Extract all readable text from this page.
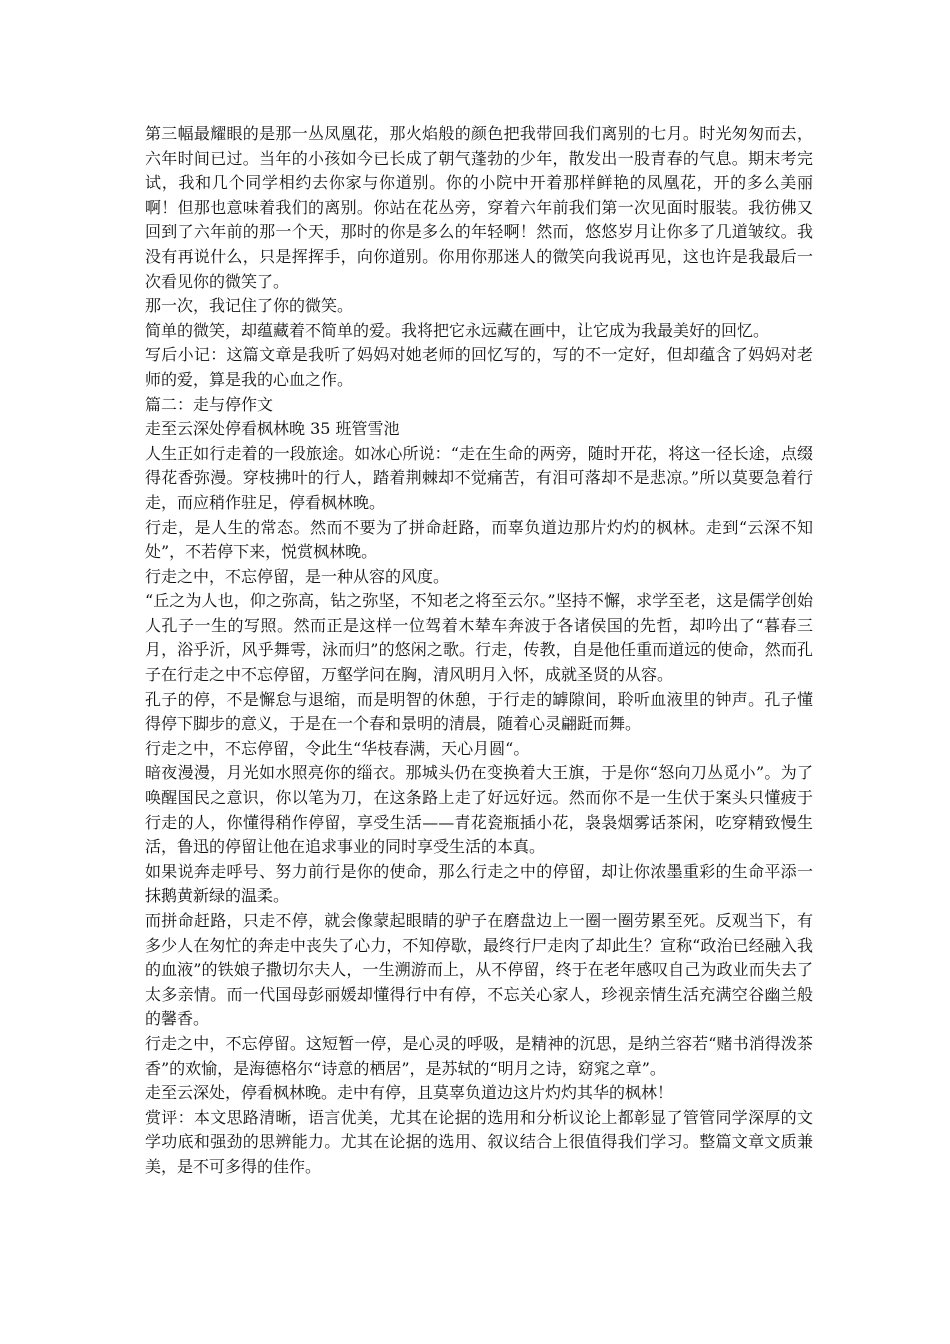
第三幅最耀眼的是那一丛凤凰花，那火焰般的颜色把我带回我们离别的七月。时光匆匆而去，六年时间已过。当年的小孩如今已长成了朝气蓬勃的少年，散发出一股青春的气息。期末考完试，我和几个同学相约去你家与你道别。你的小院中开着那样鲜艳的凤凰花，开的多么美丽啊！但那也意味着我们的离别。你站在花丛旁，穿着六年前我们第一次见面时服装。我彷佛又回到了六年前的那一个天，那时的你是多么的年轻啊！然而，悠悠岁月让你多了几道皱纹。我没有再说什么，只是挥挥手，向你道别。你用你那迷人的微笑向我说再见，这也许是我最后一次看见你的微笑了。

那一次，我记住了你的微笑。

简单的微笑，却蕴藏着不简单的爱。我将把它永远藏在画中，让它成为我最美好的回忆。

写后小记：这篇文章是我听了妈妈对她老师的回忆写的，写的不一定好，但却蕴含了妈妈对老师的爱，算是我的心血之作。

篇二：走与停作文

走至云深处停看枫林晚 35 班管雪池

人生正如行走着的一段旅途。如冰心所说：“走在生命的两旁，随时开花，将这一径长途，点缀得花香弥漫。穿枝拂叶的行人，踏着荆棘却不觉痛苦，有泪可落却不是悲凉。”所以莫要急着行走，而应稍作驻足，停看枫林晚。

行走，是人生的常态。然而不要为了拼命赶路，而辜负道边那片灼灼的枫林。走到“云深不知处”，不若停下来，悦赏枫林晚。

行走之中，不忘停留，是一种从容的风度。

“丘之为人也，仰之弥高，钻之弥坚，不知老之将至云尔。”坚持不懈，求学至老，这是儒学创始人孔子一生的写照。然而正是这样一位驾着木辇车奔波于各诸侯国的先哲，却吟出了“暮春三月，浴乎沂，风乎舞雩，泳而归”的悠闲之歌。行走，传教，自是他任重而道远的使命，然而孔子在行走之中不忘停留，万壑学问在胸，清风明月入怀，成就圣贤的从容。

孔子的停，不是懈怠与退缩，而是明智的休憩，于行走的罅隙间，聆听血液里的钟声。孔子懂得停下脚步的意义，于是在一个春和景明的清晨，随着心灵翩跹而舞。

行走之中，不忘停留，令此生“华枝春满，天心月圆“。

暗夜漫漫，月光如水照亮你的缁衣。那城头仍在变换着大王旗，于是你“怒向刀丛觅小”。为了唤醒国民之意识，你以笔为刀，在这条路上走了好远好远。然而你不是一生伏于案头只懂疲于行走的人，你懂得稍作停留，享受生活——青花瓷瓶插小花，袅袅烟雾话茶闲，吃穿精致慢生活，鲁迅的停留让他在追求事业的同时享受生活的本真。

如果说奔走呼号、努力前行是你的使命，那么行走之中的停留，却让你浓墨重彩的生命平添一抹鹅黄新绿的温柔。

而拼命赶路，只走不停，就会像蒙起眼睛的驴子在磨盘边上一圈一圈劳累至死。反观当下，有多少人在匆忙的奔走中丧失了心力，不知停歇，最终行尸走肉了却此生？宣称“政治已经融入我的血液”的铁娘子撒切尔夫人，一生溯游而上，从不停留，终于在老年感叹自己为政业而失去了太多亲情。而一代国母彭丽媛却懂得行中有停，不忘关心家人，珍视亲情生活充满空谷幽兰般的馨香。

行走之中，不忘停留。这短暂一停，是心灵的呼吸，是精神的沉思，是纳兰容若“赌书消得泼茶香”的欢愉，是海德格尔“诗意的栖居”，是苏轼的“明月之诗，窈窕之章”。

走至云深处，停看枫林晚。走中有停，且莫辜负道边这片灼灼其华的枫林！

赏评：本文思路清晰，语言优美，尤其在论据的选用和分析议论上都彰显了管管同学深厚的文学功底和强劲的思辨能力。尤其在论据的选用、叙议结合上很值得我们学习。整篇文章文质兼美，是不可多得的佳作。
